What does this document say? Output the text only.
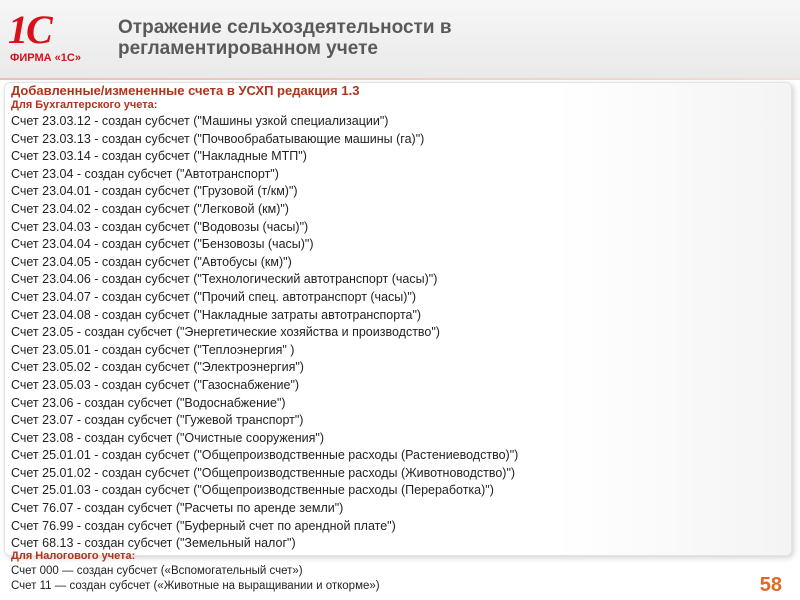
1С
ФИРМА «1С»
Отражение сельхоздеятельности в
регламентированном учете
Добавленные/измененные счета в УСХП редакция 1.3
Для Бухгалтерского учета:
Счет 23.03.12 - создан субсчет ("Машины узкой специализации")
Счет 23.03.13 - создан субсчет ("Почвообрабатывающие машины (га)")
Счет 23.03.14 - создан субсчет ("Накладные МТП")
Счет 23.04 - создан субсчет ("Автотранспорт")
Счет 23.04.01 - создан субсчет ("Грузовой (т/км)")
Счет 23.04.02 - создан субсчет ("Легковой (км)")
Счет 23.04.03 - создан субсчет ("Водовозы (часы)")
Счет 23.04.04 - создан субсчет ("Бензовозы (часы)")
Счет 23.04.05 - создан субсчет ("Автобусы (км)")
Счет 23.04.06 - создан субсчет ("Технологический автотранспорт (часы)")
Счет 23.04.07 - создан субсчет ("Прочий спец. автотранспорт (часы)")
Счет 23.04.08 - создан субсчет ("Накладные затраты автотранспорта")
Счет 23.05 - создан субсчет ("Энергетические хозяйства и производство")
Счет 23.05.01 - создан субсчет ("Теплоэнергия" )
Счет 23.05.02 - создан субсчет ("Электроэнергия")
Счет 23.05.03 - создан субсчет ("Газоснабжение")
Счет 23.06 - создан субсчет ("Водоснабжение")
Счет 23.07 - создан субсчет ("Гужевой транспорт")
Счет 23.08 - создан субсчет ("Очистные сооружения")
Счет 25.01.01 - создан субсчет ("Общепроизводственные расходы (Растениеводство)")
Счет 25.01.02 - создан субсчет ("Общепроизводственные расходы (Животноводство)")
Счет 25.01.03 - создан субсчет ("Общепроизводственные расходы (Переработка)")
Счет 76.07 - создан субсчет ("Расчеты по аренде земли")
Счет 76.99 - создан субсчет ("Буферный счет по арендной плате")
Счет 68.13 - создан субсчет ("Земельный налог")
Для Налогового учета:
Счет 000 — создан субсчет («Вспомогательный счет»)
Счет 11 — создан субсчет («Животные на выращивании и откорме»)	58
